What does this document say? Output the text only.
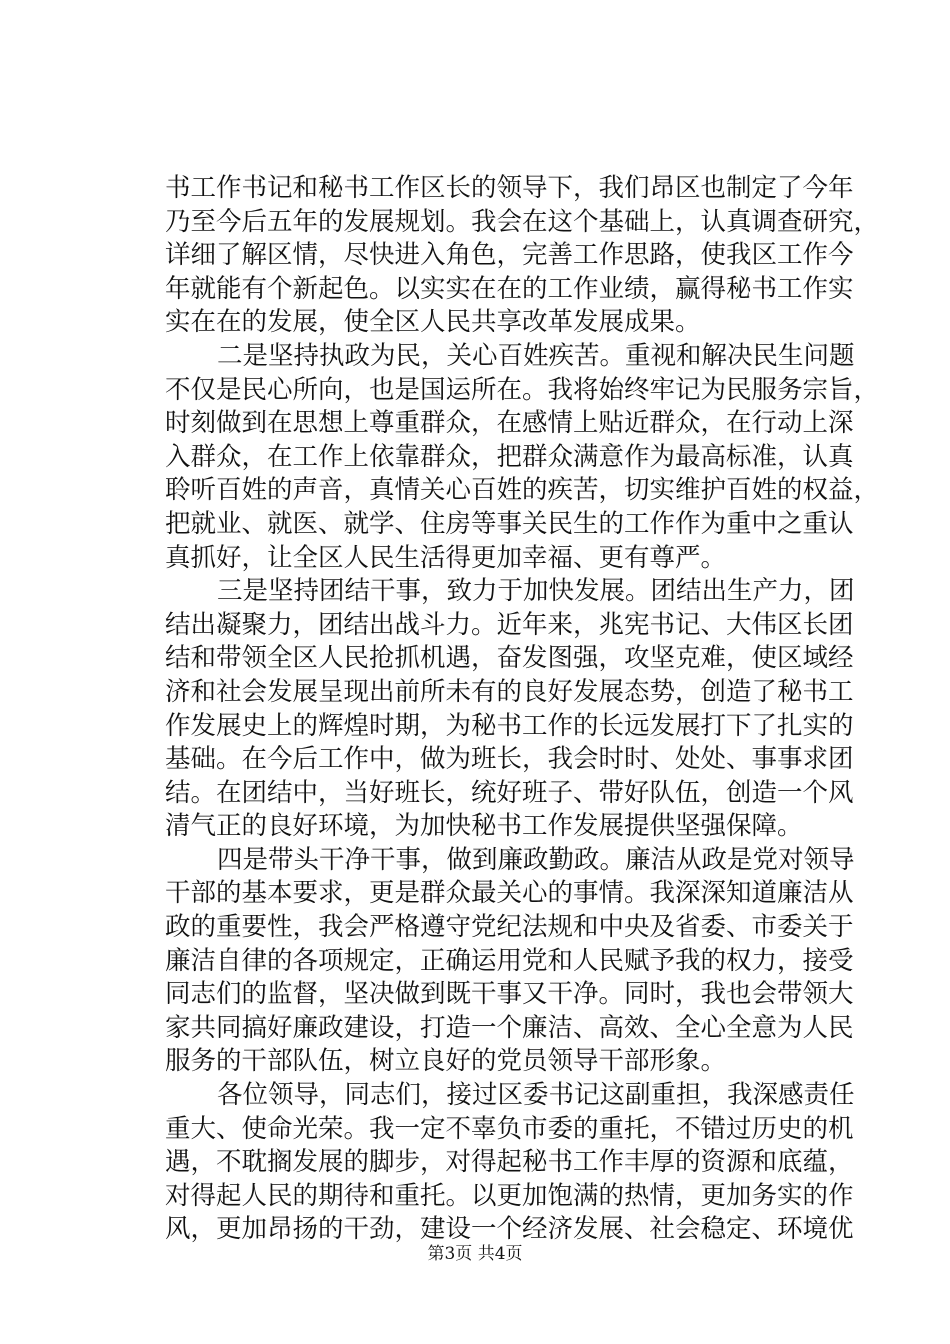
书工作书记和秘书工作区长的领导下，我们昂区也制定了今年
乃至今后五年的发展规划。我会在这个基础上，认真调查研究，
详细了解区情，尽快进入角色，完善工作思路，使我区工作今
年就能有个新起色。以实实在在的工作业绩，赢得秘书工作实
实在在的发展，使全区人民共享改革发展成果。
二是坚持执政为民，关心百姓疾苦。重视和解决民生问题
不仅是民心所向，也是国运所在。我将始终牢记为民服务宗旨，
时刻做到在思想上尊重群众，在感情上贴近群众，在行动上深
入群众，在工作上依靠群众，把群众满意作为最高标准，认真
聆听百姓的声音，真情关心百姓的疾苦，切实维护百姓的权益，
把就业、就医、就学、住房等事关民生的工作作为重中之重认
真抓好，让全区人民生活得更加幸福、更有尊严。
三是坚持团结干事，致力于加快发展。团结出生产力，团
结出凝聚力，团结出战斗力。近年来，兆宪书记、大伟区长团
结和带领全区人民抢抓机遇，奋发图强，攻坚克难，使区域经
济和社会发展呈现出前所未有的良好发展态势，创造了秘书工
作发展史上的辉煌时期，为秘书工作的长远发展打下了扎实的
基础。在今后工作中，做为班长，我会时时、处处、事事求团
结。在团结中，当好班长，统好班子、带好队伍，创造一个风
清气正的良好环境，为加快秘书工作发展提供坚强保障。
四是带头干净干事，做到廉政勤政。廉洁从政是党对领导
干部的基本要求，更是群众最关心的事情。我深深知道廉洁从
政的重要性，我会严格遵守党纪法规和中央及省委、市委关于
廉洁自律的各项规定，正确运用党和人民赋予我的权力，接受
同志们的监督，坚决做到既干事又干净。同时，我也会带领大
家共同搞好廉政建设，打造一个廉洁、高效、全心全意为人民
服务的干部队伍，树立良好的党员领导干部形象。
各位领导，同志们，接过区委书记这副重担，我深感责任
重大、使命光荣。我一定不辜负市委的重托，不错过历史的机
遇，不耽搁发展的脚步，对得起秘书工作丰厚的资源和底蕴，
对得起人民的期待和重托。以更加饱满的热情，更加务实的作
风，更加昂扬的干劲，建设一个经济发展、社会稳定、环境优
第3页 共4页
